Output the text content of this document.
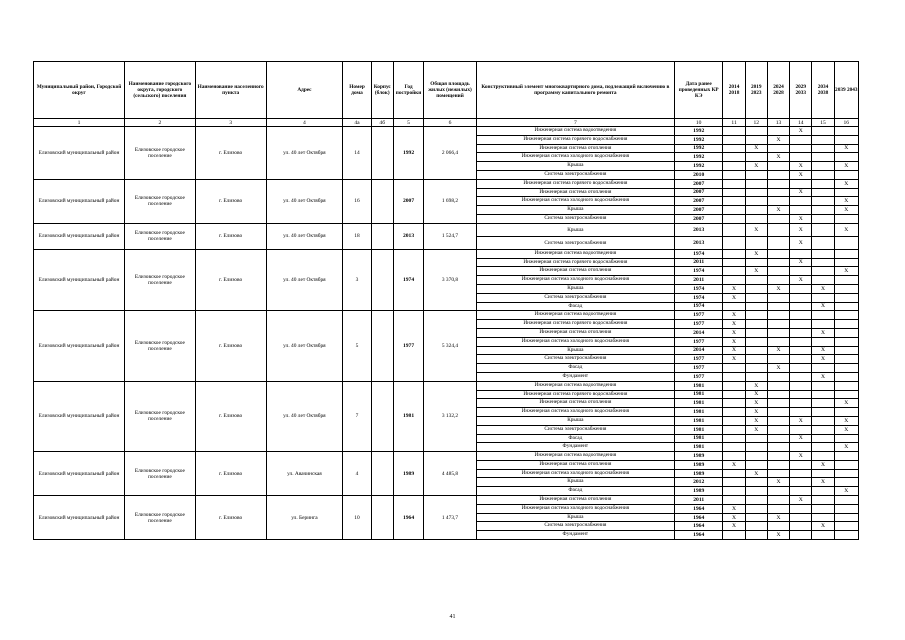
Муниципальный район, Городской округ	Наименование городского округа, городского (сельского) поселения	Наименование населенного пункта	Адрес	Номер дома	Корпус (блок)	Год постройки	Общая площадь жилых (нежилых) помещений	Конструктивный элемент многоквартирного дома, подлежащий включению в программу капитального ремонта	Дата ранее проведенных КР КЭ	2014 2018	2019 2023	2024 2028	2029 2033	2034 2038	2039 2043
1	2	3	4	4а	4б	5	6	7	10	11	12	13	14	15	16
Елизовский муниципальный район	Елизовское городское поселение	г. Елизово	ул. 40 лет Октября	14		1992	2 066,4	Инженерная система водоотведения	1992				X		
								Инженерная система горячего водоснабжения	1992			X			
								Инженерная система отопления	1992		X				X
								Инженерная система холодного водоснабжения	1992			X			
								Крыша	1992		X		X		X
								Система электроснабжения	2010				X		
Елизовский муниципальный район	Елизовское городское поселение	г. Елизово	ул. 40 лет Октября	16		2007	1 698,2	Инженерная система горячего водоснабжения	2007						X
								Инженерная система отопления	2007				X		
								Инженерная система холодного водоснабжения	2007						X
								Крыша	2007			X			X
								Система электроснабжения	2007				X		
Елизовский муниципальный район	Елизовское городское поселение	г. Елизово	ул. 40 лет Октября	18		2013	1 524,7	Крыша	2013		X		X		X
								Система электроснабжения	2013				X		
Елизовский муниципальный район	Елизовское городское поселение	г. Елизово	ул. 40 лет Октября	3		1974	3 370,8	Инженерная система водоотведения	1974		X				
								Инженерная система горячего водоснабжения	2011				X		
								Инженерная система отопления	1974		X				X
								Инженерная система холодного водоснабжения	2011				X		
								Крыша	1974	X		X		X	
								Система электроснабжения	1974	X					
								Фасад	1974					X	
Елизовский муниципальный район	Елизовское городское поселение	г. Елизово	ул. 40 лет Октября	5		1977	5 324,4	Инженерная система водоотведения	1977	X					
								Инженерная система горячего водоснабжения	1977	X					
								Инженерная система отопления	2014	X				X	
								Инженерная система холодного водоснабжения	1977	X					
								Крыша	2014	X		X		X	
								Система электроснабжения	1977	X				X	
								Фасад	1977			X			
								Фундамент	1977					X	
Елизовский муниципальный район	Елизовское городское поселение	г. Елизово	ул. 40 лет Октября	7		1981	3 132,2	Инженерная система водоотведения	1981		X				
								Инженерная система горячего водоснабжения	1981		X				
								Инженерная система отопления	1981		X				X
								Инженерная система холодного водоснабжения	1981		X				
								Крыша	1981		X		X		X
								Система электроснабжения	1981		X				X
								Фасад	1981				X		
								Фундамент	1981						X
Елизовский муниципальный район	Елизовское городское поселение	г. Елизово	ул. Авачинская	4		1989	4 485,8	Инженерная система водоотведения	1989				X		
								Инженерная система отопления	1989	X				X	
								Инженерная система холодного водоснабжения	1989		X				
								Крыша	2012			X		X	
								Фасад	1989						X
Елизовский муниципальный район	Елизовское городское поселение	г. Елизово	ул. Беринга	10		1964	1 473,7	Инженерная система отопления	2011				X		
								Инженерная система холодного водоснабжения	1964	X					
								Крыша	1964	X		X			
								Система электроснабжения	1964	X				X	
								Фундамент	1964			X			
41
